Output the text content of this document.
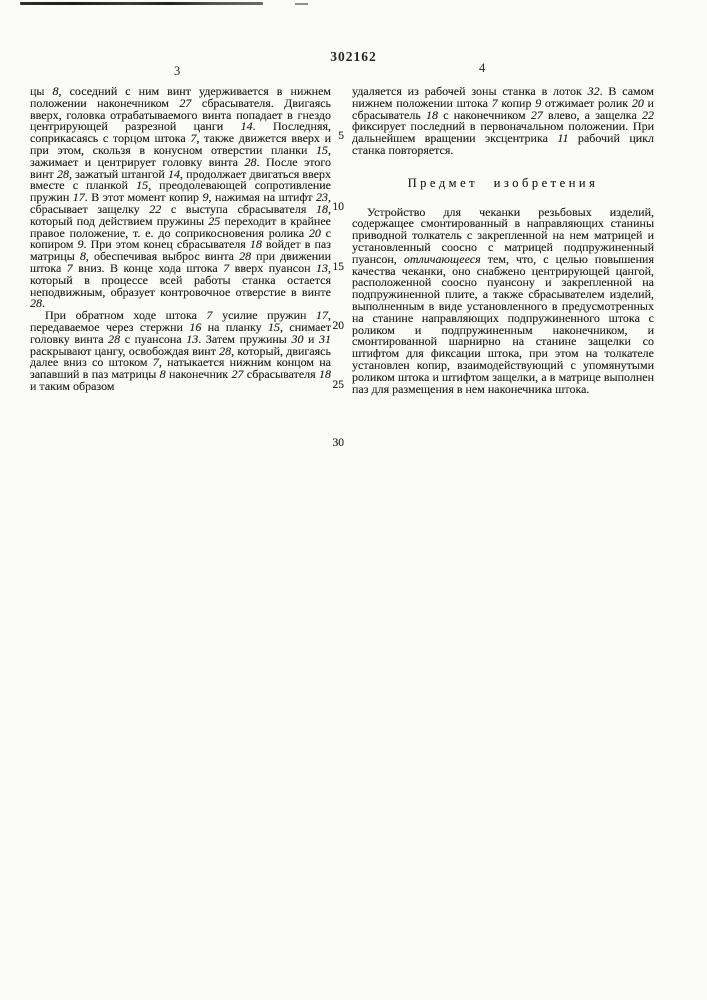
302162
3	4

цы 8, соседний с ним винт удерживается в нижнем положении наконечником 27 сбрасывателя. Двигаясь вверх, головка отрабатываемого винта попадает в гнездо центрирующей разрезной цанги 14. Последняя, соприкасаясь с торцом штока 7, также движется вверх и при этом, скользя в конусном отверстии планки 15, зажимает и центрирует головку винта 28. После этого винт 28, зажатый штангой 14, продолжает двигаться вверх вместе с планкой 15, преодолевающей сопротивление пружин 17. В этот момент копир 9, нажимая на штифт 23, сбрасывает защелку 22 с выступа сбрасывателя 18, который под действием пружины 25 переходит в крайнее правое положение, т. е. до соприкосновения ролика 20 с копиром 9. При этом конец сбрасывателя 18 войдет в паз матрицы 8, обеспечивая выброс винта 28 при движении штока 7 вниз. В конце хода штока 7 вверх пуансон 13, который в процессе всей работы станка остается неподвижным, образует контровочное отверстие в винте 28.

При обратном ходе штока 7 усилие пружин 17, передаваемое через стержни 16 на планку 15, снимает головку винта 28 с пуансона 13. Затем пружины 30 и 31 раскрывают цангу, освобождая винт 28, который, двигаясь далее вниз со штоком 7, натыкается нижним концом на запавший в паз матрицы 8 наконечник 27 сбрасывателя 18 и таким образом

удаляется из рабочей зоны станка в лоток 32. В самом нижнем положении штока 7 копир 9 отжимает ролик 20 и сбрасыватель 18 с наконечником 27 влево, а защелка 22 фиксирует последний в первоначальном положении. При дальнейшем вращении эксцентрика 11 рабочий цикл станка повторяется.

Предмет изобретения

Устройство для чеканки резьбовых изделий, содержащее смонтированный в направляющих станины приводной толкатель с закрепленной на нем матрицей и установленный соосно с матрицей подпружиненный пуансон, отличающееся тем, что, с целью повышения качества чеканки, оно снабжено центрирующей цангой, расположенной соосно пуансону и закрепленной на подпружиненной плите, а также сбрасывателем изделий, выполненным в виде установленного в предусмотренных на станине направляющих подпружиненного штока с роликом и подпружиненным наконечником, и смонтированной шарнирно на станине защелки со штифтом для фиксации штока, при этом на толкателе установлен копир, взаимодействующий с упомянутыми роликом штока и штифтом защелки, а в матрице выполнен паз для размещения в нем наконечника штока.

5
10
15
20
25
30
